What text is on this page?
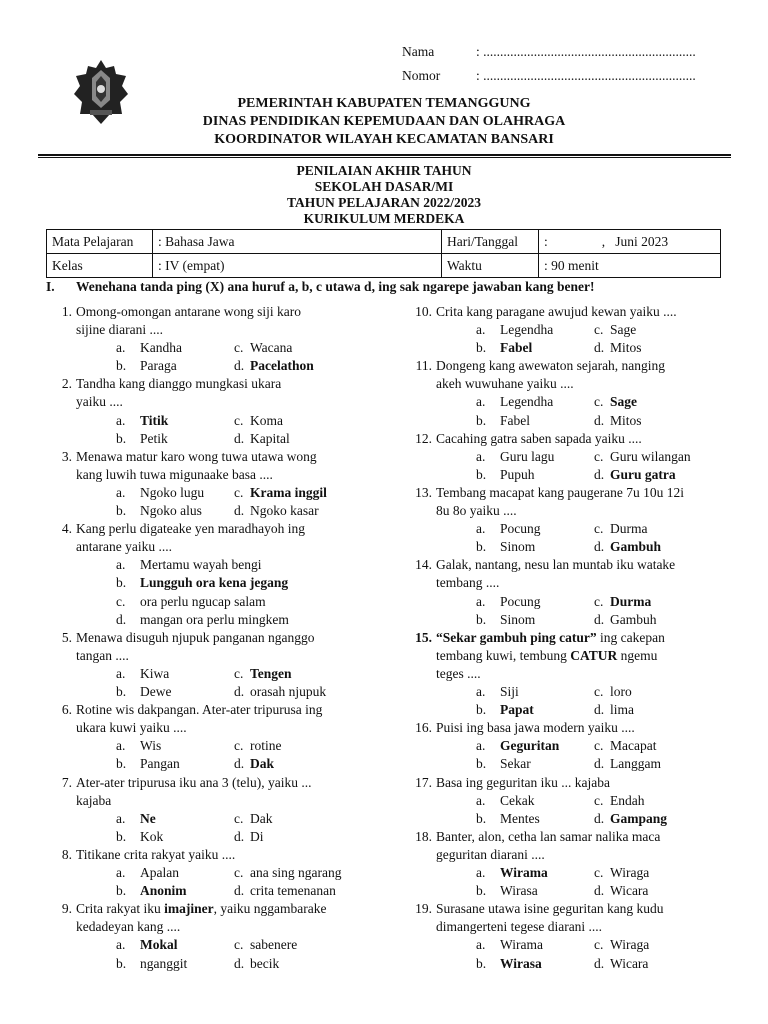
Nama	: ...............................................................
Nomor	: ...............................................................
PEMERINTAH KABUPATEN TEMANGGUNG
DINAS PENDIDIKAN KEPEMUDAAN DAN OLAHRAGA
KOORDINATOR WILAYAH KECAMATAN BANSARI
PENILAIAN AKHIR TAHUN
SEKOLAH DASAR/MI
TAHUN PELAJARAN 2022/2023
KURIKULUM MERDEKA
Mata Pelajaran	: Bahasa Jawa	Hari/Tanggal	:                ,   Juni 2023
Kelas	: IV (empat)	Waktu	: 90 menit
I. Wenehana tanda ping (X) ana huruf a, b, c utawa d, ing sak ngarepe jawaban kang bener!
1. Omong-omongan antarane wong siji karo
sijine diarani ....
a. Kandha	c. Wacana
b. Paraga	d. Pacelathon
2. Tandha kang dianggo mungkasi ukara
yaiku ....
a. Titik	c. Koma
b. Petik	d. Kapital
3. Menawa matur karo wong tuwa utawa wong
kang luwih tuwa migunaake basa ....
a. Ngoko lugu c. Krama inggil
b. Ngoko alus d. Ngoko kasar
4. Kang perlu digateake yen maradhayoh ing
antarane yaiku ....
a. Mertamu wayah bengi
b. Lungguh ora kena jegang
c. ora perlu ngucap salam
d. mangan ora perlu mingkem
5. Menawa disuguh njupuk panganan nganggo
tangan ....
a. Kiwa	c. Tengen
b. Dewe	d. orasah njupuk
6. Rotine wis dakpangan. Ater-ater tripurusa ing
ukara kuwi yaiku ....
a. Wis	c. rotine
b. Pangan	d. Dak
7. Ater-ater tripurusa iku ana 3 (telu), yaiku ...
kajaba
a. Ne	c. Dak
b. Kok	d. Di
8. Titikane crita rakyat yaiku ....
a. Apalan	c. ana sing ngarang
b. Anonim	d. crita temenanan
9. Crita rakyat iku imajiner, yaiku nggambarake
kedadeyan kang ....
a. Mokal	c. sabenere
b. nganggit	d. becik
10. Crita kang paragane awujud kewan yaiku ....
a. Legendha	c. Sage
b. Fabel	d. Mitos
11. Dongeng kang awewaton sejarah, nanging
akeh wuwuhane yaiku ....
a. Legendha	c. Sage
b. Fabel	d. Mitos
12. Cacahing gatra saben sapada yaiku ....
a. Guru lagu	c. Guru wilangan
b. Pupuh	d. Guru gatra
13. Tembang macapat kang paugerane 7u 10u 12i
8u 8o yaiku ....
a. Pocung	c. Durma
b. Sinom	d. Gambuh
14. Galak, nantang, nesu lan muntab iku watake
tembang ....
a. Pocung	c. Durma
b. Sinom	d. Gambuh
15. “Sekar gambuh ping catur” ing cakepan
tembang kuwi, tembung CATUR ngemu
teges ....
a. Siji	c. loro
b. Papat	d. lima
16. Puisi ing basa jawa modern yaiku ....
a. Geguritan	c. Macapat
b. Sekar	d. Langgam
17. Basa ing geguritan iku ... kajaba
a. Cekak	c. Endah
b. Mentes	d. Gampang
18. Banter, alon, cetha lan samar nalika maca
geguritan diarani ....
a. Wirama	c. Wiraga
b. Wirasa	d. Wicara
19. Surasane utawa isine geguritan kang kudu
dimangerteni tegese diarani ....
a. Wirama	c. Wiraga
b. Wirasa	d. Wicara
